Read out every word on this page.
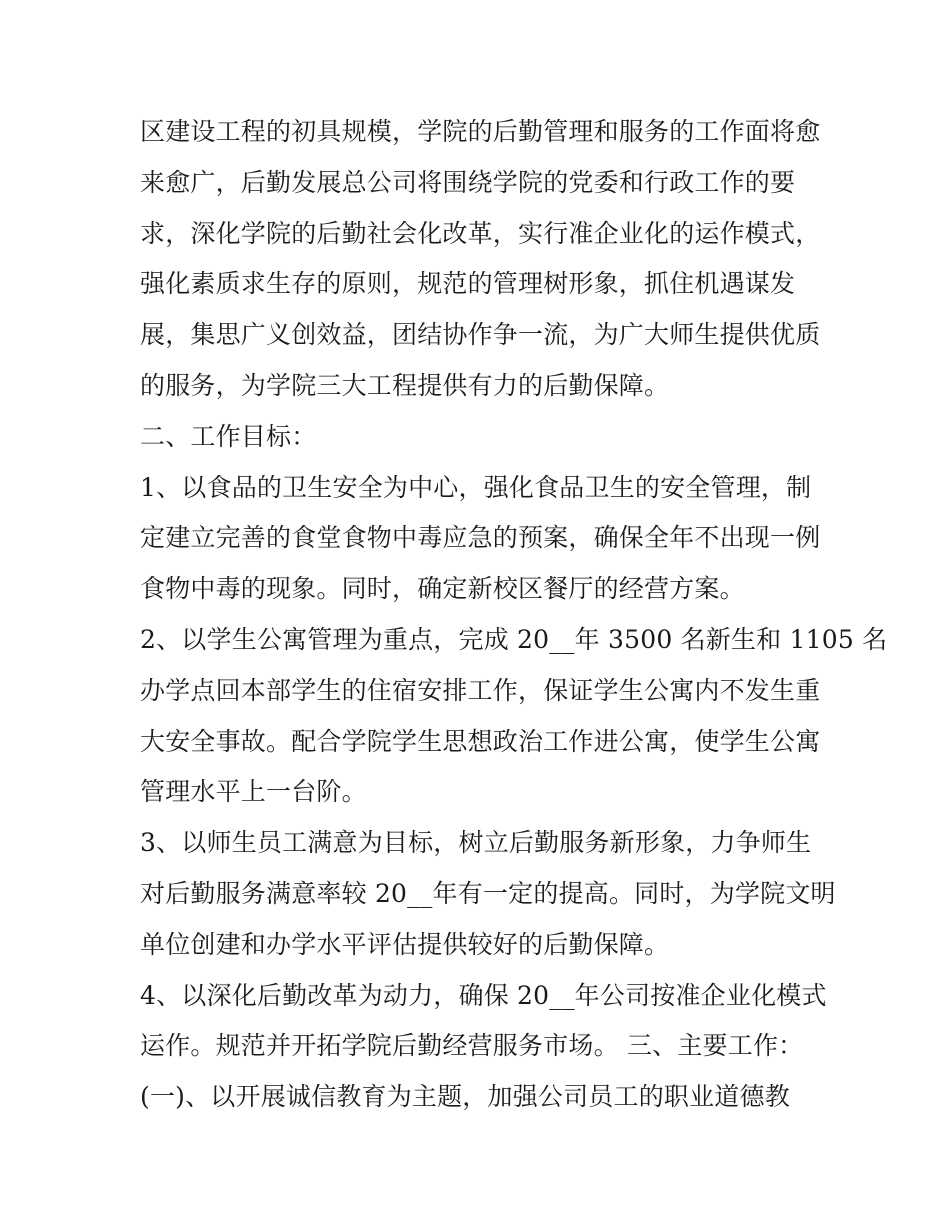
区建设工程的初具规模，学院的后勤管理和服务的工作面将愈
来愈广，后勤发展总公司将围绕学院的党委和行政工作的要
求，深化学院的后勤社会化改革，实行准企业化的运作模式，
强化素质求生存的原则，规范的管理树形象，抓住机遇谋发
展，集思广义创效益，团结协作争一流，为广大师生提供优质
的服务，为学院三大工程提供有力的后勤保障。
二、工作目标：
1、以食品的卫生安全为中心，强化食品卫生的安全管理，制
定建立完善的食堂食物中毒应急的预案，确保全年不出现一例
食物中毒的现象。同时，确定新校区餐厅的经营方案。
2、以学生公寓管理为重点，完成 20__年 3500 名新生和 1105 名
办学点回本部学生的住宿安排工作，保证学生公寓内不发生重
大安全事故。配合学院学生思想政治工作进公寓，使学生公寓
管理水平上一台阶。
3、以师生员工满意为目标，树立后勤服务新形象，力争师生
对后勤服务满意率较 20__年有一定的提高。同时，为学院文明
单位创建和办学水平评估提供较好的后勤保障。
4、以深化后勤改革为动力，确保 20__年公司按准企业化模式
运作。规范并开拓学院后勤经营服务市场。 三、主要工作：
(一)、以开展诚信教育为主题，加强公司员工的职业道德教
